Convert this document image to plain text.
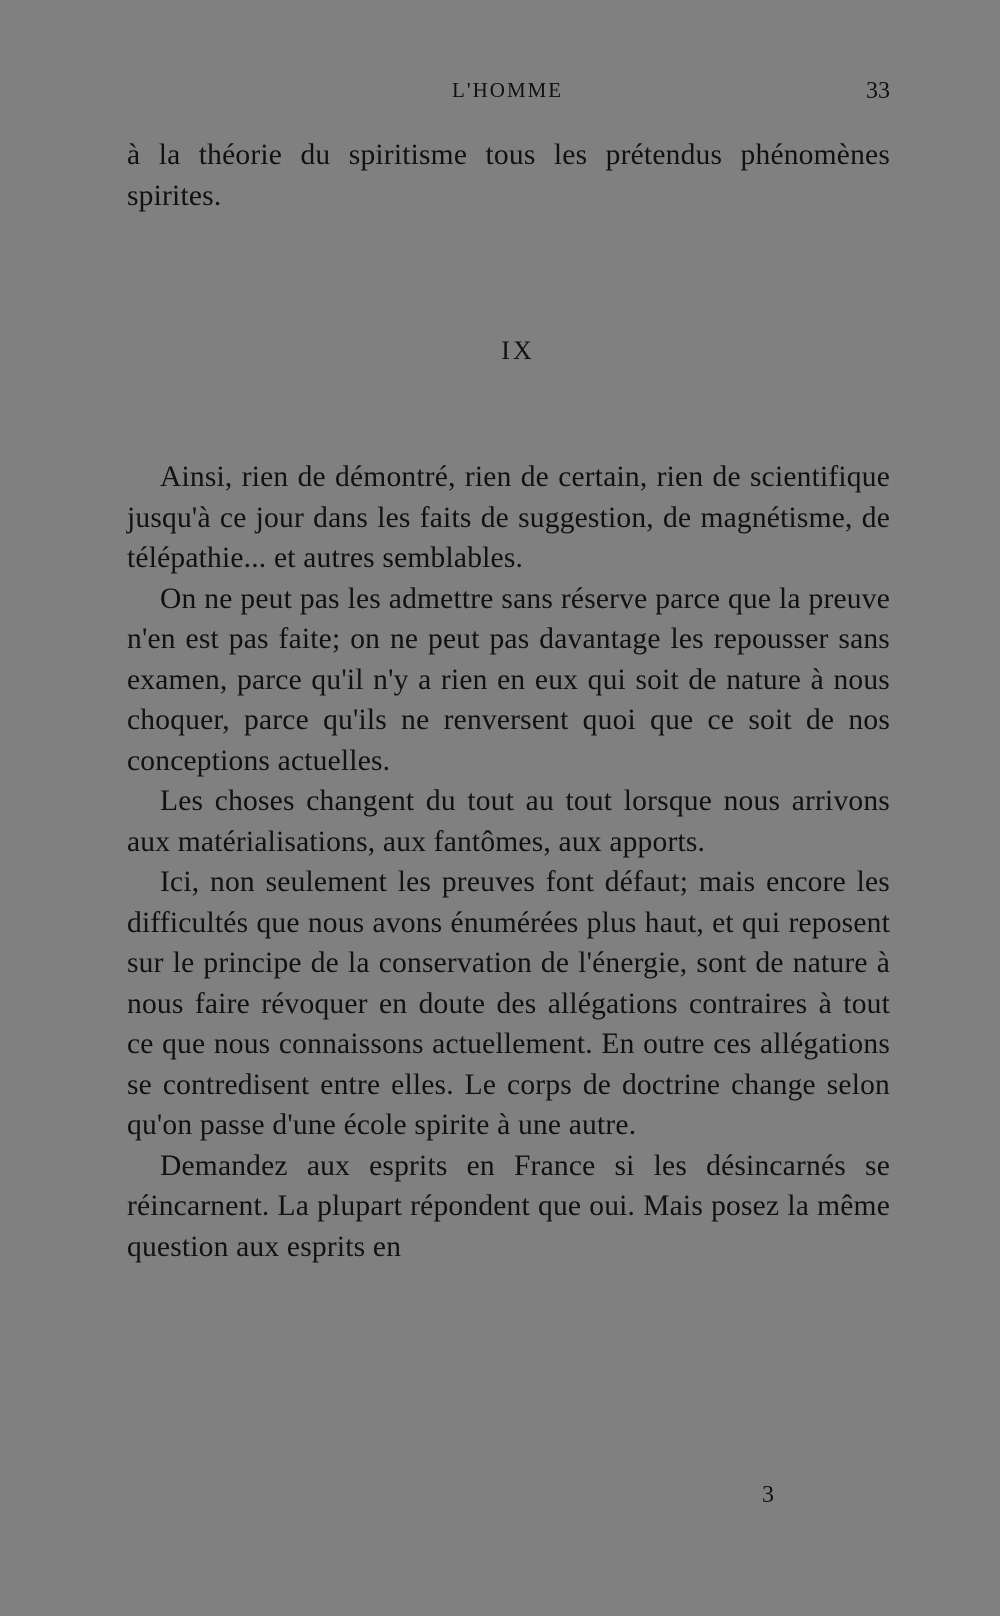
L'HOMME	33

à la théorie du spiritisme tous les prétendus phénomènes spirites.

IX

Ainsi, rien de démontré, rien de certain, rien de scientifique jusqu'à ce jour dans les faits de suggestion, de magnétisme, de télépathie... et autres semblables.

On ne peut pas les admettre sans réserve parce que la preuve n'en est pas faite; on ne peut pas davantage les repousser sans examen, parce qu'il n'y a rien en eux qui soit de nature à nous choquer, parce qu'ils ne renversent quoi que ce soit de nos conceptions actuelles.

Les choses changent du tout au tout lorsque nous arrivons aux matérialisations, aux fantômes, aux apports.

Ici, non seulement les preuves font défaut; mais encore les difficultés que nous avons énumérées plus haut, et qui reposent sur le principe de la conservation de l'énergie, sont de nature à nous faire révoquer en doute des allégations contraires à tout ce que nous connaissons actuellement. En outre ces allégations se contredisent entre elles. Le corps de doctrine change selon qu'on passe d'une école spirite à une autre.

Demandez aux esprits en France si les désincarnés se réincarnent. La plupart répondent que oui. Mais posez la même question aux esprits en

3
